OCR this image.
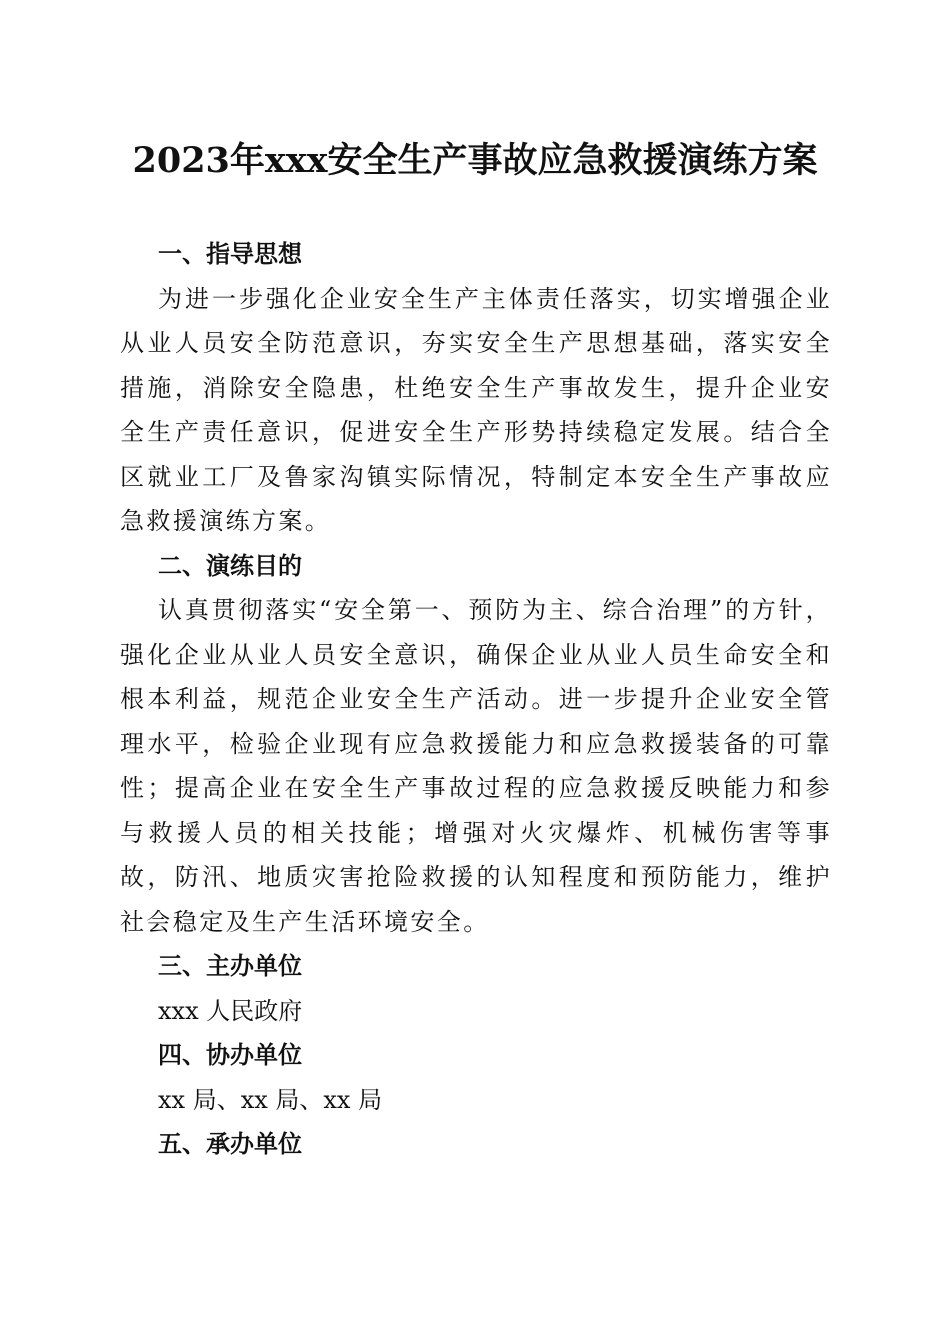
2023年xxx安全生产事故应急救援演练方案
一、指导思想

为进一步强化企业安全生产主体责任落实，切实增强企业从业人员安全防范意识，夯实安全生产思想基础，落实安全措施，消除安全隐患，杜绝安全生产事故发生，提升企业安全生产责任意识，促进安全生产形势持续稳定发展。结合全区就业工厂及鲁家沟镇实际情况，特制定本安全生产事故应急救援演练方案。

二、演练目的

认真贯彻落实“安全第一、预防为主、综合治理”的方针，强化企业从业人员安全意识，确保企业从业人员生命安全和根本利益，规范企业安全生产活动。进一步提升企业安全管理水平，检验企业现有应急救援能力和应急救援装备的可靠性；提高企业在安全生产事故过程的应急救援反映能力和参与救援人员的相关技能；增强对火灾爆炸、机械伤害等事故，防汛、地质灾害抢险救援的认知程度和预防能力，维护社会稳定及生产生活环境安全。

三、主办单位
xxx 人民政府
四、协办单位
xx 局、xx 局、xx 局
五、承办单位
